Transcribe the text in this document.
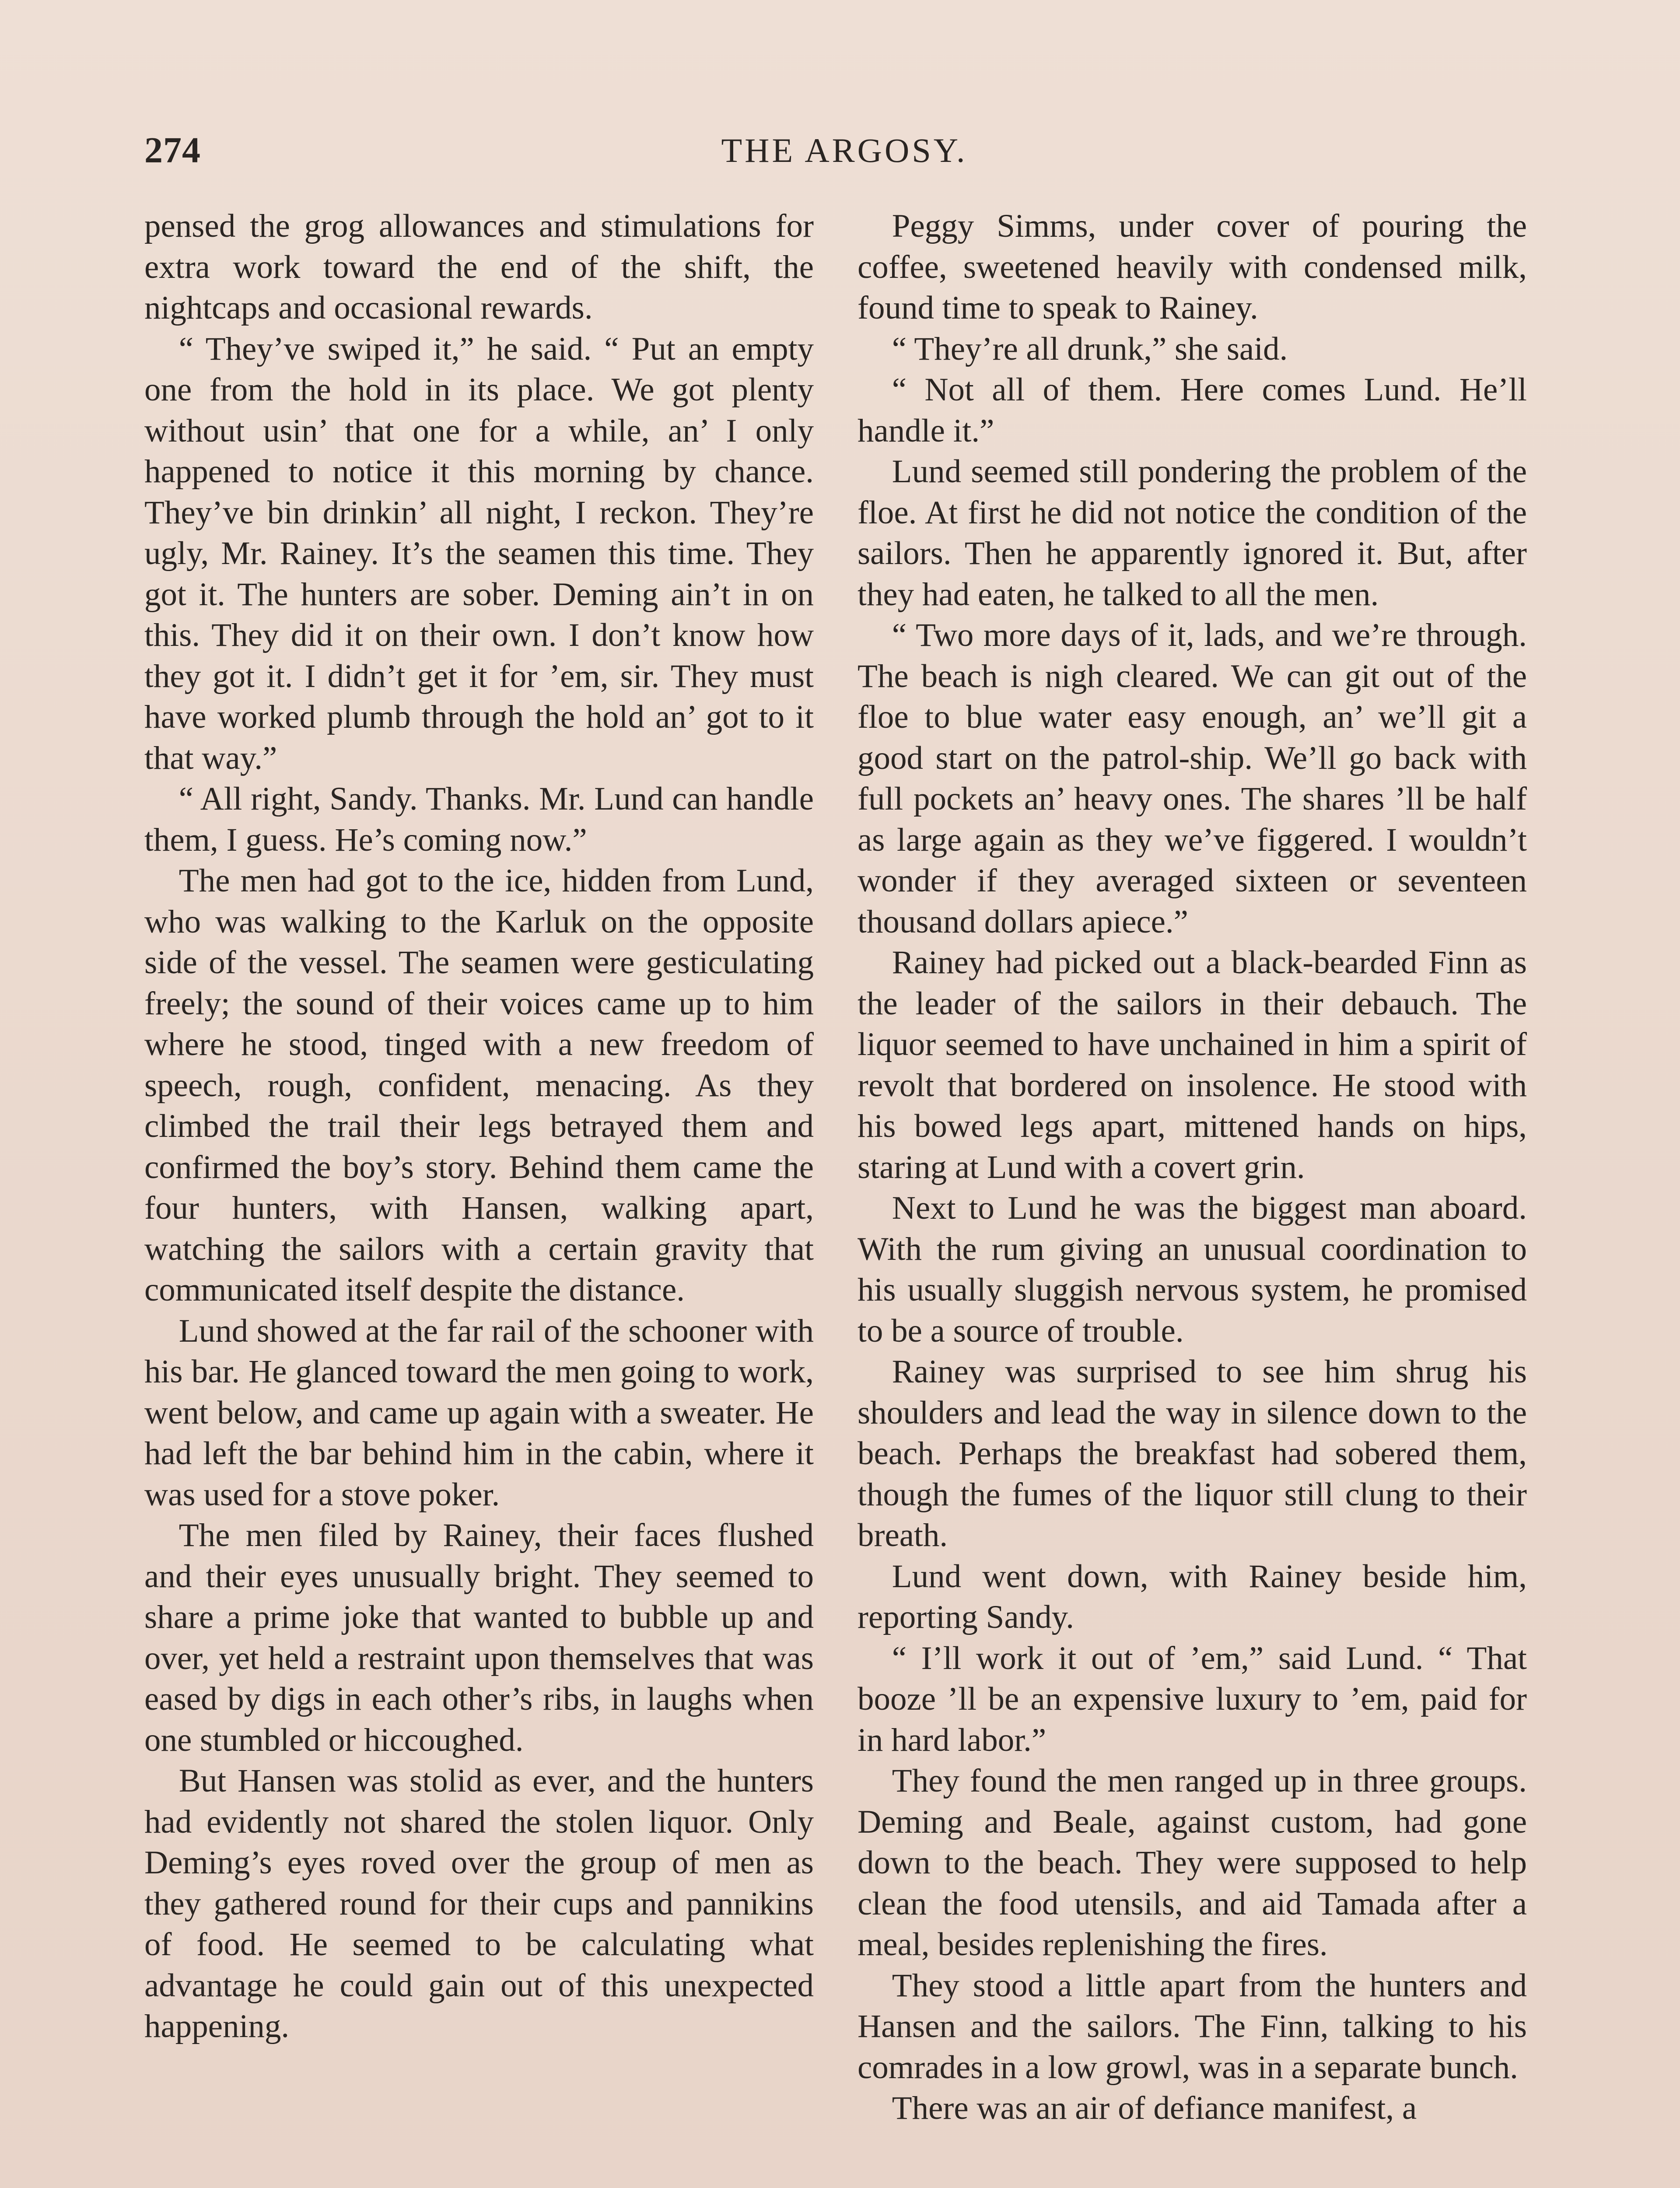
274	THE ARGOSY.

pensed the grog allowances and stimulations for extra work toward the end of the shift, the nightcaps and occasional rewards.

“ They’ve swiped it,” he said. “ Put an empty one from the hold in its place. We got plenty without usin’ that one for a while, an’ I only happened to notice it this morning by chance. They’ve bin drinkin’ all night, I reckon. They’re ugly, Mr. Rainey. It’s the seamen this time. They got it. The hunters are sober. Deming ain’t in on this. They did it on their own. I don’t know how they got it. I didn’t get it for ’em, sir. They must have worked plumb through the hold an’ got to it that way.”

“ All right, Sandy. Thanks. Mr. Lund can handle them, I guess. He’s coming now.”

The men had got to the ice, hidden from Lund, who was walking to the Karluk on the opposite side of the vessel. The seamen were gesticulating freely; the sound of their voices came up to him where he stood, tinged with a new freedom of speech, rough, confident, menacing. As they climbed the trail their legs betrayed them and confirmed the boy’s story. Behind them came the four hunters, with Hansen, walking apart, watching the sailors with a certain gravity that communicated itself despite the distance.

Lund showed at the far rail of the schooner with his bar. He glanced toward the men going to work, went below, and came up again with a sweater. He had left the bar behind him in the cabin, where it was used for a stove poker.

The men filed by Rainey, their faces flushed and their eyes unusually bright. They seemed to share a prime joke that wanted to bubble up and over, yet held a restraint upon themselves that was eased by digs in each other’s ribs, in laughs when one stumbled or hiccoughed.

But Hansen was stolid as ever, and the hunters had evidently not shared the stolen liquor. Only Deming’s eyes roved over the group of men as they gathered round for their cups and pannikins of food. He seemed to be calculating what advantage he could gain out of this unexpected happening.

Peggy Simms, under cover of pouring the coffee, sweetened heavily with condensed milk, found time to speak to Rainey.

“ They’re all drunk,” she said.

“ Not all of them. Here comes Lund. He’ll handle it.”

Lund seemed still pondering the problem of the floe. At first he did not notice the condition of the sailors. Then he apparently ignored it. But, after they had eaten, he talked to all the men.

“ Two more days of it, lads, and we’re through. The beach is nigh cleared. We can git out of the floe to blue water easy enough, an’ we’ll git a good start on the patrol-ship. We’ll go back with full pockets an’ heavy ones. The shares ’ll be half as large again as they we’ve figgered. I wouldn’t wonder if they averaged sixteen or seventeen thousand dollars apiece.”

Rainey had picked out a black-bearded Finn as the leader of the sailors in their debauch. The liquor seemed to have unchained in him a spirit of revolt that bordered on insolence. He stood with his bowed legs apart, mittened hands on hips, staring at Lund with a covert grin.

Next to Lund he was the biggest man aboard. With the rum giving an unusual coordination to his usually sluggish nervous system, he promised to be a source of trouble.

Rainey was surprised to see him shrug his shoulders and lead the way in silence down to the beach. Perhaps the breakfast had sobered them, though the fumes of the liquor still clung to their breath.

Lund went down, with Rainey beside him, reporting Sandy.

“ I’ll work it out of ’em,” said Lund. “ That booze ’ll be an expensive luxury to ’em, paid for in hard labor.”

They found the men ranged up in three groups. Deming and Beale, against custom, had gone down to the beach. They were supposed to help clean the food utensils, and aid Tamada after a meal, besides replenishing the fires.

They stood a little apart from the hunters and Hansen and the sailors. The Finn, talking to his comrades in a low growl, was in a separate bunch.

There was an air of defiance manifest, a
